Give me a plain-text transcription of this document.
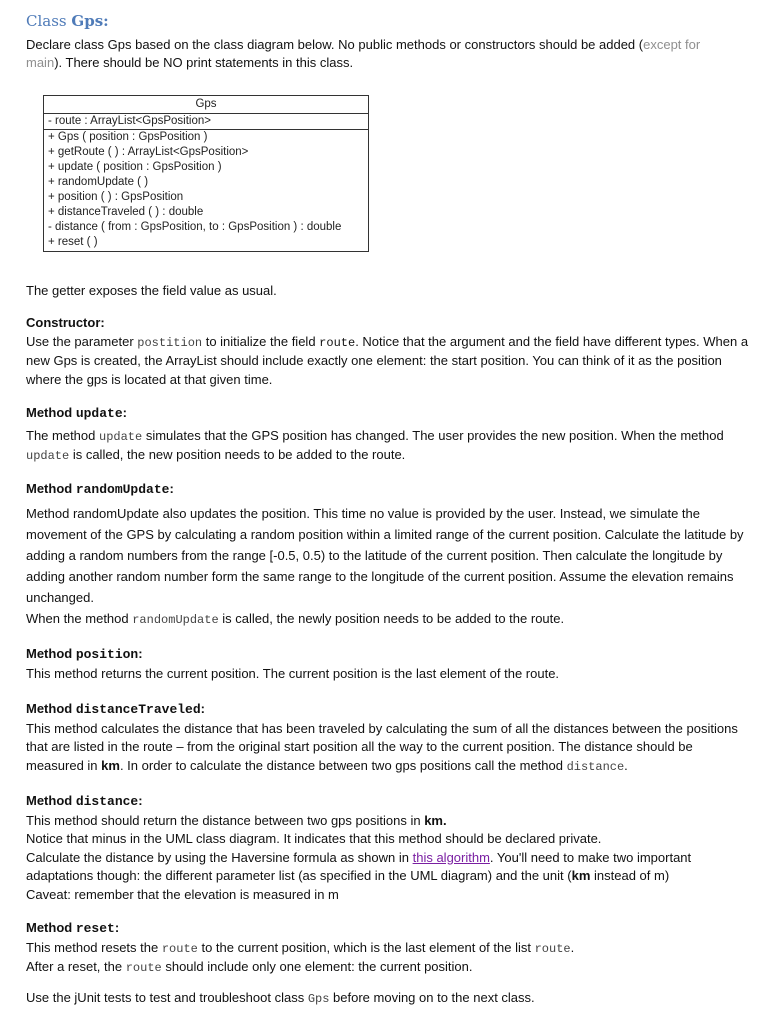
Class Gps:

Declare class Gps based on the class diagram below. No public methods or constructors should be added (except for main). There should be NO print statements in this class.

Gps
- route : ArrayList<GpsPosition>
+ Gps ( position : GpsPosition )
+ getRoute ( ) : ArrayList<GpsPosition>
+ update ( position : GpsPosition )
+ randomUpdate ( )
+ position ( ) : GpsPosition
+ distanceTraveled ( ) : double
- distance ( from : GpsPosition, to : GpsPosition ) : double
+ reset ( )

The getter exposes the field value as usual.

Constructor:

Use the parameter postition to initialize the field route. Notice that the argument and the field have different types. When a new Gps is created, the ArrayList should include exactly one element: the start position. You can think of it as the position where the gps is located at that given time.

Method update:

The method update simulates that the GPS position has changed. The user provides the new position. When the method update is called, the new position needs to be added to the route.

Method randomUpdate:

Method randomUpdate also updates the position. This time no value is provided by the user. Instead, we simulate the movement of the GPS by calculating a random position within a limited range of the current position. Calculate the latitude by adding a random numbers from the range [-0.5, 0.5) to the latitude of the current position. Then calculate the longitude by adding another random number form the same range to the longitude of the current position. Assume the elevation remains unchanged.
When the method randomUpdate is called, the newly position needs to be added to the route.

Method position:

This method returns the current position. The current position is the last element of the route.

Method distanceTraveled:

This method calculates the distance that has been traveled by calculating the sum of all the distances between the positions that are listed in the route – from the original start position all the way to the current position. The distance should be measured in km. In order to calculate the distance between two gps positions call the method distance.

Method distance:

This method should return the distance between two gps positions in km.

Notice that minus in the UML class diagram. It indicates that this method should be declared private.

Calculate the distance by using the Haversine formula as shown in this algorithm. You'll need to make two important adaptations though: the different parameter list (as specified in the UML diagram) and the unit (km instead of m)

Caveat: remember that the elevation is measured in m

Method reset:

This method resets the route to the current position, which is the last element of the list route.

After a reset, the route should include only one element: the current position.

Use the jUnit tests to test and troubleshoot class Gps before moving on to the next class.
